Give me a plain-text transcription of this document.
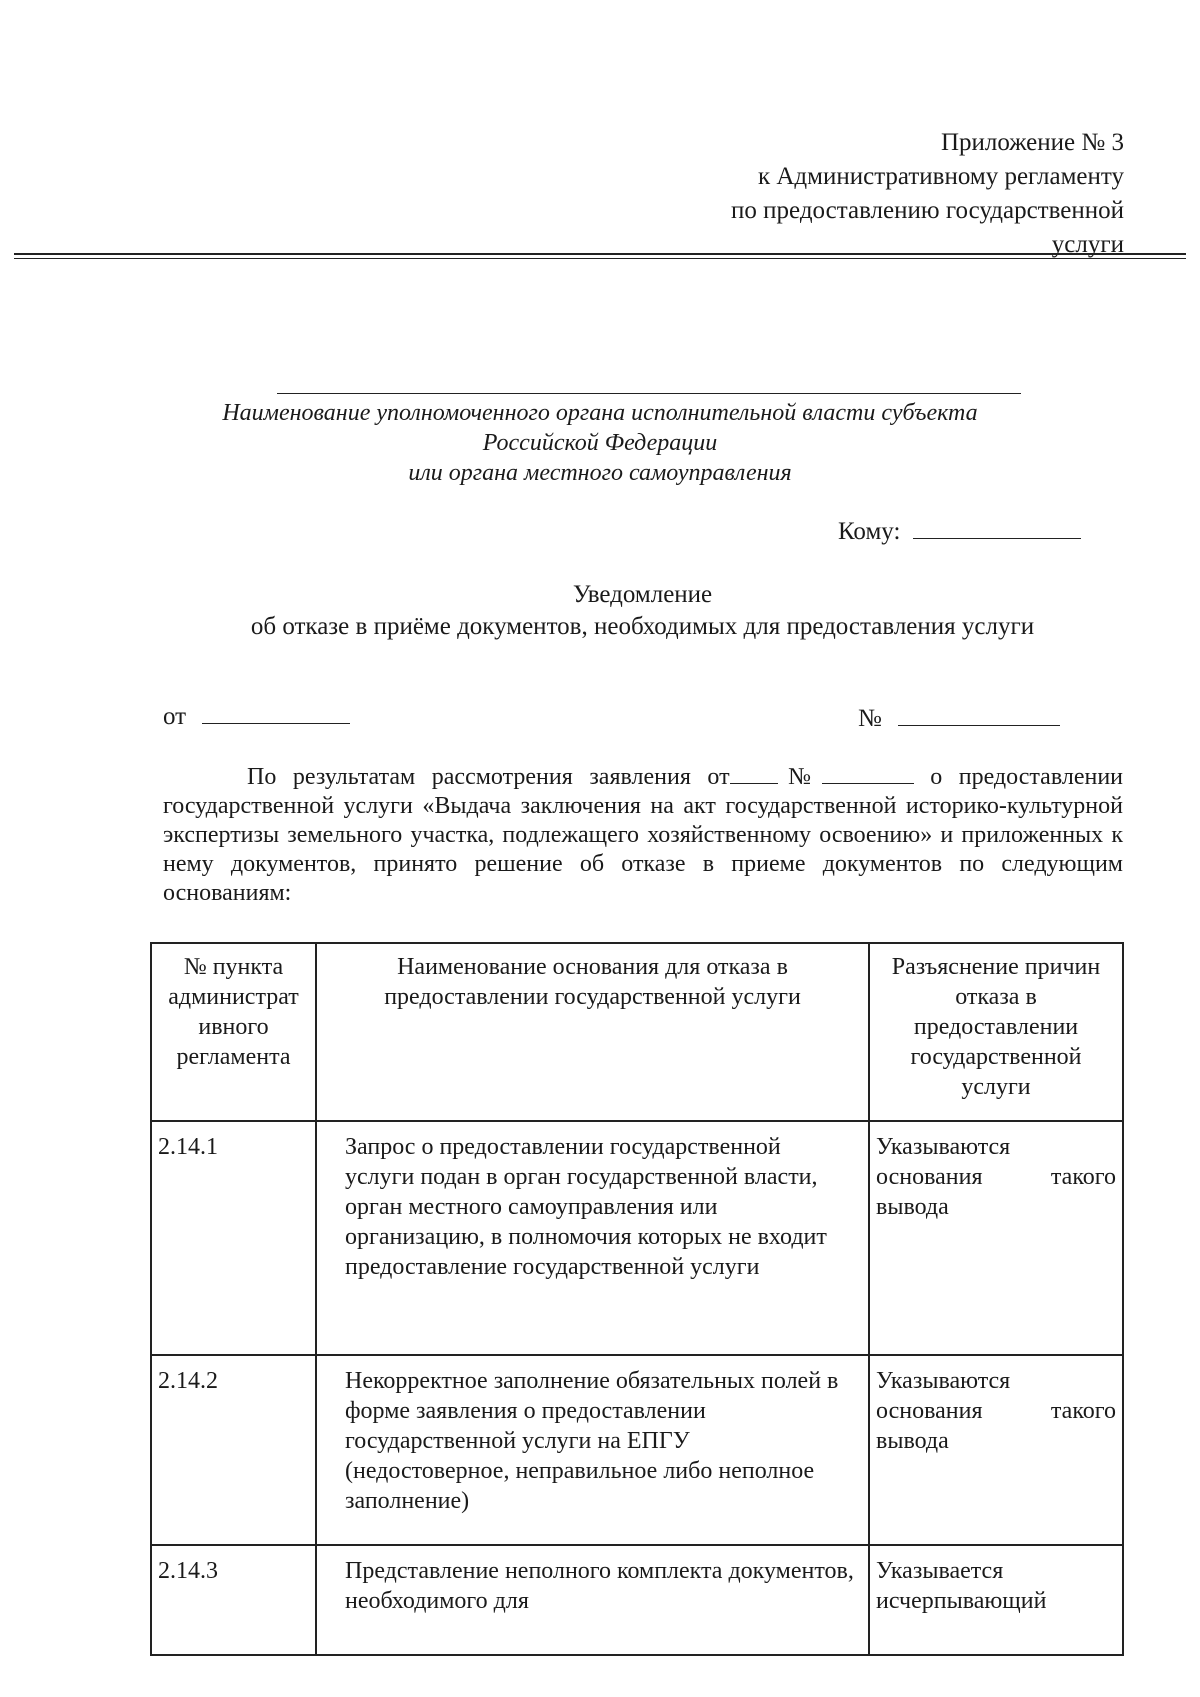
Приложение № 3
к Административному регламенту
по предоставлению государственной
услуги
Наименование уполномоченного органа исполнительной власти субъекта
Российской Федерации
или органа местного самоуправления
Кому:
Уведомление
об отказе в приёме документов, необходимых для предоставления услуги
от	№
По результатам рассмотрения заявления от №	о предоставлении государственной услуги «Выдача заключения на акт государственной историко-культурной экспертизы земельного участка, подлежащего хозяйственному освоению» и приложенных к нему документов, принято решение об отказе в приеме документов по следующим основаниям:
№ пункта администрат ивного регламента	Наименование основания для отказа в предоставлении государственной услуги	Разъяснение причин отказа в предоставлении государственной услуги
2.14.1	Запрос о предоставлении государственной услуги подан в орган государственной власти, орган местного самоуправления или организацию, в полномочия которых не входит предоставление государственной услуги	Указываются основания такого вывода
2.14.2	Некорректное заполнение обязательных полей в форме заявления о предоставлении государственной услуги на ЕПГУ (недостоверное, неправильное либо неполное заполнение)	Указываются основания такого вывода
2.14.3	Представление неполного комплекта документов, необходимого для	Указывается исчерпывающий
